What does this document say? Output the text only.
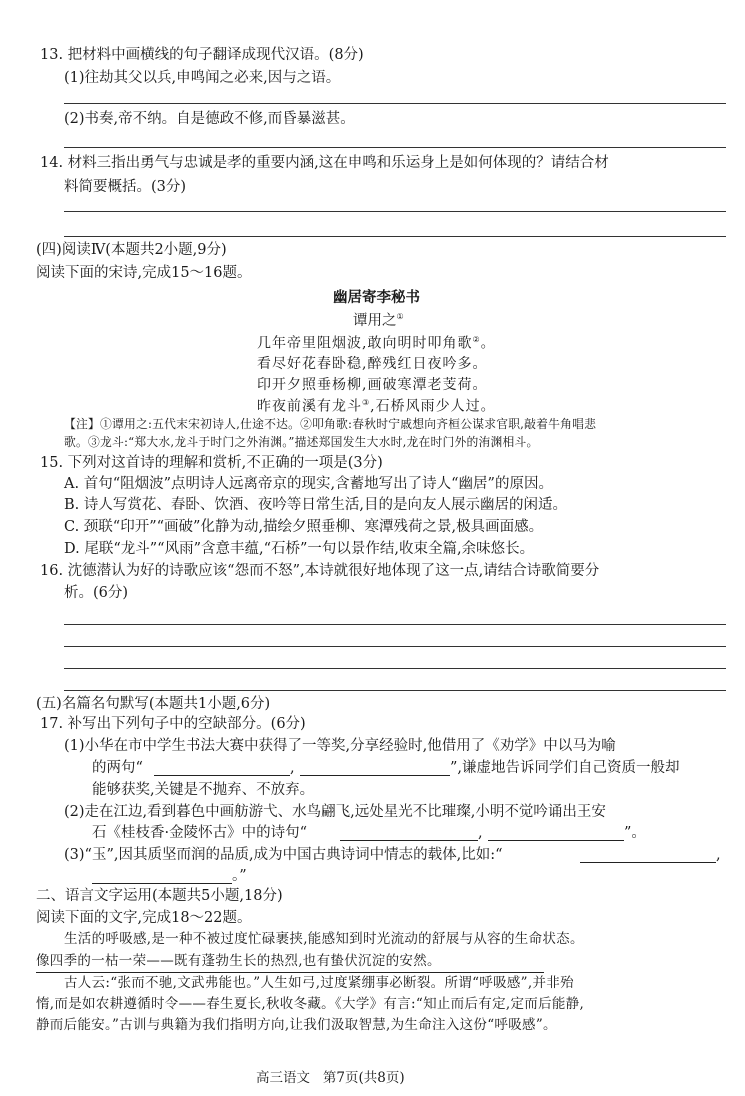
13. 把材料中画横线的句子翻译成现代汉语。(8分)
(1)往劫其父以兵,申鸣闻之必来,因与之语。
(2)书奏,帝不纳。自是德政不修,而昏暴滋甚。
14. 材料三指出勇气与忠诚是孝的重要内涵,这在申鸣和乐运身上是如何体现的？请结合材
料简要概括。(3分)
(四)阅读Ⅳ(本题共2小题,9分)
阅读下面的宋诗,完成15～16题。
幽居寄李秘书
谭用之①
几年帝里阻烟波,敢向明时叩角歌②。
看尽好花春卧稳,醉残红日夜吟多。
印开夕照垂杨柳,画破寒潭老芰荷。
昨夜前溪有龙斗③,石桥风雨少人过。
【注】①谭用之:五代末宋初诗人,仕途不达。②叩角歌:春秋时宁戚想向齐桓公谋求官职,敲着牛角唱悲
歌。③龙斗:“郑大水,龙斗于时门之外洧渊。”描述郑国发生大水时,龙在时门外的洧渊相斗。
15. 下列对这首诗的理解和赏析,不正确的一项是(3分)
A. 首句“阻烟波”点明诗人远离帝京的现实,含蓄地写出了诗人“幽居”的原因。
B. 诗人写赏花、春卧、饮酒、夜吟等日常生活,目的是向友人展示幽居的闲适。
C. 颈联“印开”“画破”化静为动,描绘夕照垂柳、寒潭残荷之景,极具画面感。
D. 尾联“龙斗”“风雨”含意丰蕴,“石桥”一句以景作结,收束全篇,余味悠长。
16. 沈德潜认为好的诗歌应该“怨而不怒”,本诗就很好地体现了这一点,请结合诗歌简要分
析。(6分)
(五)名篇名句默写(本题共1小题,6分)
17. 补写出下列句子中的空缺部分。(6分)
(1)小华在市中学生书法大赛中获得了一等奖,分享经验时,他借用了《劝学》中以马为喻
的两句“	,	”,谦虚地告诉同学们自己资质一般却
能够获奖,关键是不抛弃、不放弃。
(2)走在江边,看到暮色中画舫游弋、水鸟翩飞,远处星光不比璀璨,小明不觉吟诵出王安
石《桂枝香·金陵怀古》中的诗句“	,	”。
(3)“玉”,因其质坚而润的品质,成为中国古典诗词中情志的载体,比如:“	,
。”
二、语言文字运用(本题共5小题,18分)
阅读下面的文字,完成18～22题。
生活的呼吸感,是一种不被过度忙碌裹挟,能感知到时光流动的舒展与从容的生命状态。
像四季的一枯一荣——既有蓬勃生长的热烈,也有蛰伏沉淀的安然。
古人云:“张而不驰,文武弗能也。”人生如弓,过度紧绷事必断裂。所谓“呼吸感”,并非殆
惰,而是如农耕遵循时令——春生夏长,秋收冬藏。《大学》有言:“知止而后有定,定而后能静,
静而后能安。”古训与典籍为我们指明方向,让我们汲取智慧,为生命注入这份“呼吸感”。
高三语文   第7页(共8页)
